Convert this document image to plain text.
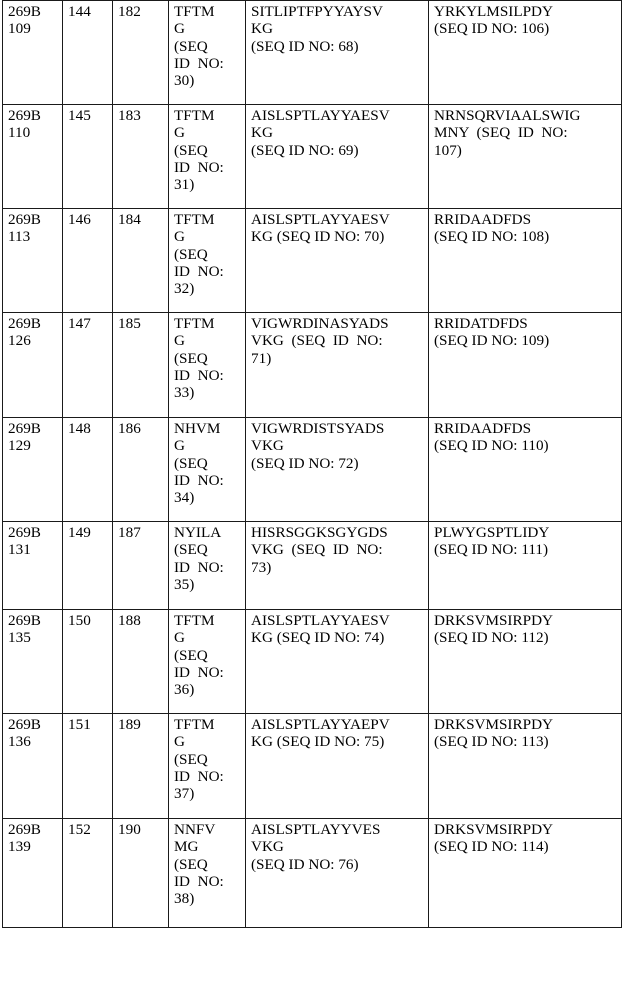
269B
109	144	182	TFTM
G
(SEQ
ID  NO:
30)	SITLIPTFPYYAYSV
KG
(SEQ ID NO: 68)	YRKYLMSILPDY
(SEQ ID NO: 106)

269B
110	145	183	TFTM
G
(SEQ
ID  NO:
31)	AISLSPTLAYYAESV
KG
(SEQ ID NO: 69)	NRNSQRVIAALSWIG
MNY  (SEQ  ID  NO:
107)

269B
113	146	184	TFTM
G
(SEQ
ID  NO:
32)	AISLSPTLAYYAESV
KG (SEQ ID NO: 70)	RRIDAADFDS
(SEQ ID NO: 108)

269B
126	147	185	TFTM
G
(SEQ
ID  NO:
33)	VIGWRDINASYADS
VKG  (SEQ  ID  NO:
71)	RRIDATDFDS
(SEQ ID NO: 109)

269B
129	148	186	NHVM
G
(SEQ
ID  NO:
34)	VIGWRDISTSYADS
VKG
(SEQ ID NO: 72)	RRIDAADFDS
(SEQ ID NO: 110)

269B
131	149	187	NYILA
(SEQ
ID  NO:
35)	HISRSGGKSGYGDS
VKG  (SEQ  ID  NO:
73)	PLWYGSPTLIDY
(SEQ ID NO: 111)

269B
135	150	188	TFTM
G
(SEQ
ID  NO:
36)	AISLSPTLAYYAESV
KG (SEQ ID NO: 74)	DRKSVMSIRPDY
(SEQ ID NO: 112)

269B
136	151	189	TFTM
G
(SEQ
ID  NO:
37)	AISLSPTLAYYAEPV
KG (SEQ ID NO: 75)	DRKSVMSIRPDY
(SEQ ID NO: 113)

269B
139	152	190	NNFV
MG
(SEQ
ID  NO:
38)	AISLSPTLAYYVES
VKG
(SEQ ID NO: 76)	DRKSVMSIRPDY
(SEQ ID NO: 114)
